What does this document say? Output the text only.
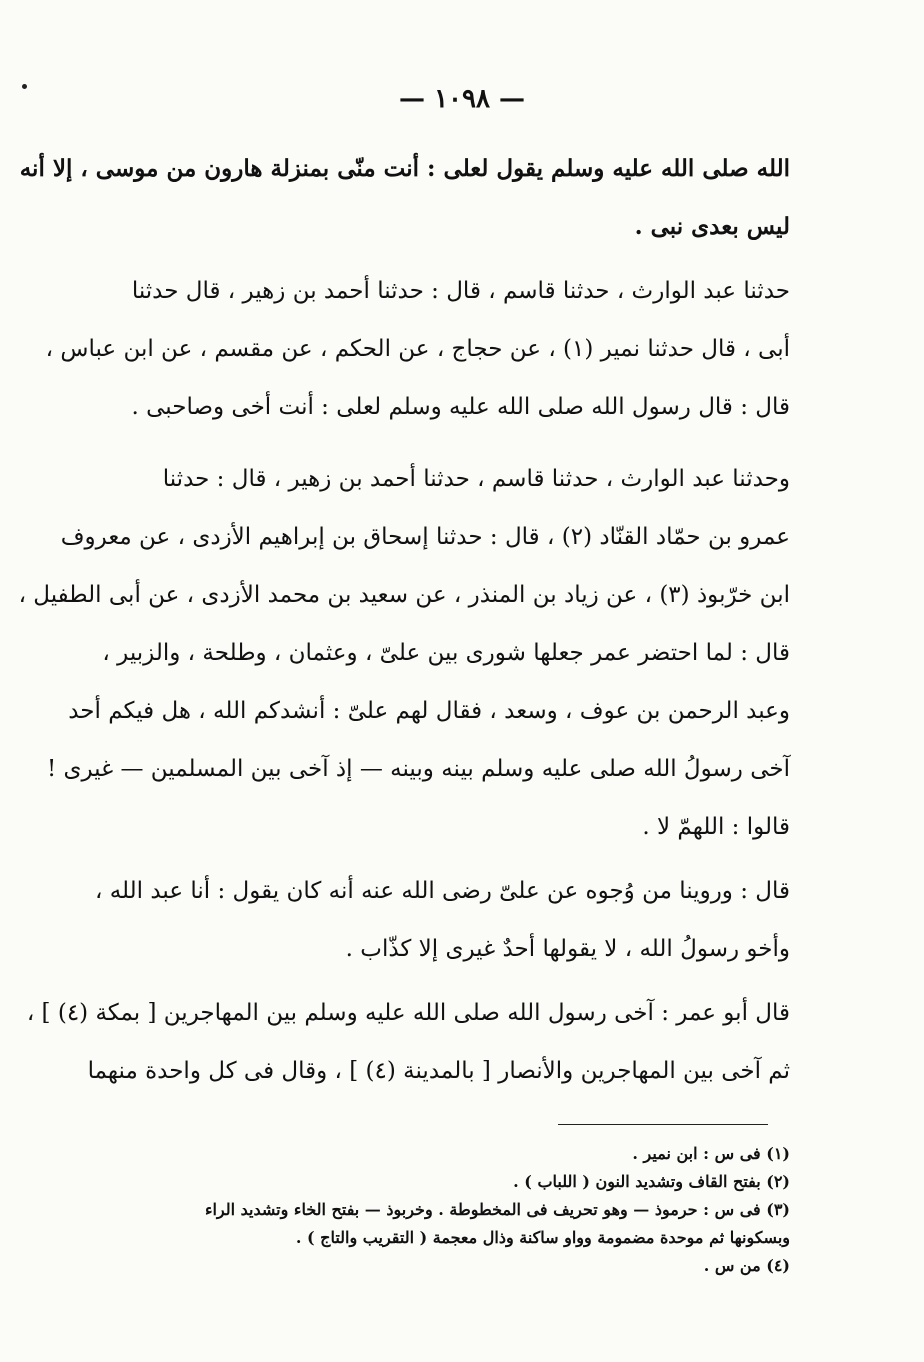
— ١٠٩٨ —
الله صلى الله عليه وسلم يقول لعلى : أنت منّى بمنزلة هارون من موسى ، إلا أنه
ليس بعدى نبى .
حدثنا عبد الوارث ، حدثنا قاسم ، قال : حدثنا أحمد بن زهير ، قال حدثنا
أبى ، قال حدثنا نمير (١) ، عن حجاج ، عن الحكم ، عن مقسم ، عن ابن عباس ،
قال : قال رسول الله صلى الله عليه وسلم لعلى : أنت أخى وصاحبى .
وحدثنا عبد الوارث ، حدثنا قاسم ، حدثنا أحمد بن زهير ، قال : حدثنا
عمرو بن حمّاد القنّاد (٢) ، قال : حدثنا إسحاق بن إبراهيم الأزدى ، عن معروف
ابن خرّبوذ (٣) ، عن زياد بن المنذر ، عن سعيد بن محمد الأزدى ، عن أبى الطفيل ،
قال : لما احتضر عمر جعلها شورى بين علىّ ، وعثمان ، وطلحة ، والزبير ،
وعبد الرحمن بن عوف ، وسعد ، فقال لهم علىّ : أنشدكم الله ، هل فيكم أحد
آخى رسولُ الله صلى عليه وسلم بينه وبينه — إذ آخى بين المسلمين — غيرى !
قالوا : اللهمّ لا .
قال : وروينا من وُجوه عن علىّ رضى الله عنه أنه كان يقول : أنا عبد الله ،
وأخو رسولُ الله ، لا يقولها أحدٌ غيرى إلا كذّاب .
قال أبو عمر : آخى رسول الله صلى الله عليه وسلم بين المهاجرين [ بمكة (٤) ] ،
ثم آخى بين المهاجرين والأنصار [ بالمدينة (٤) ] ، وقال فى كل واحدة منهما
(١) فى س : ابن نمير .
(٢) بفتح القاف وتشديد النون ( اللباب ) .
(٣) فى س : حرموذ — وهو تحريف فى المخطوطة . وخربوذ — بفتح الخاء وتشديد الراء
وبسكونها ثم موحدة مضمومة وواو ساكنة وذال معجمة ( التقريب والتاج ) .
(٤) من س .
